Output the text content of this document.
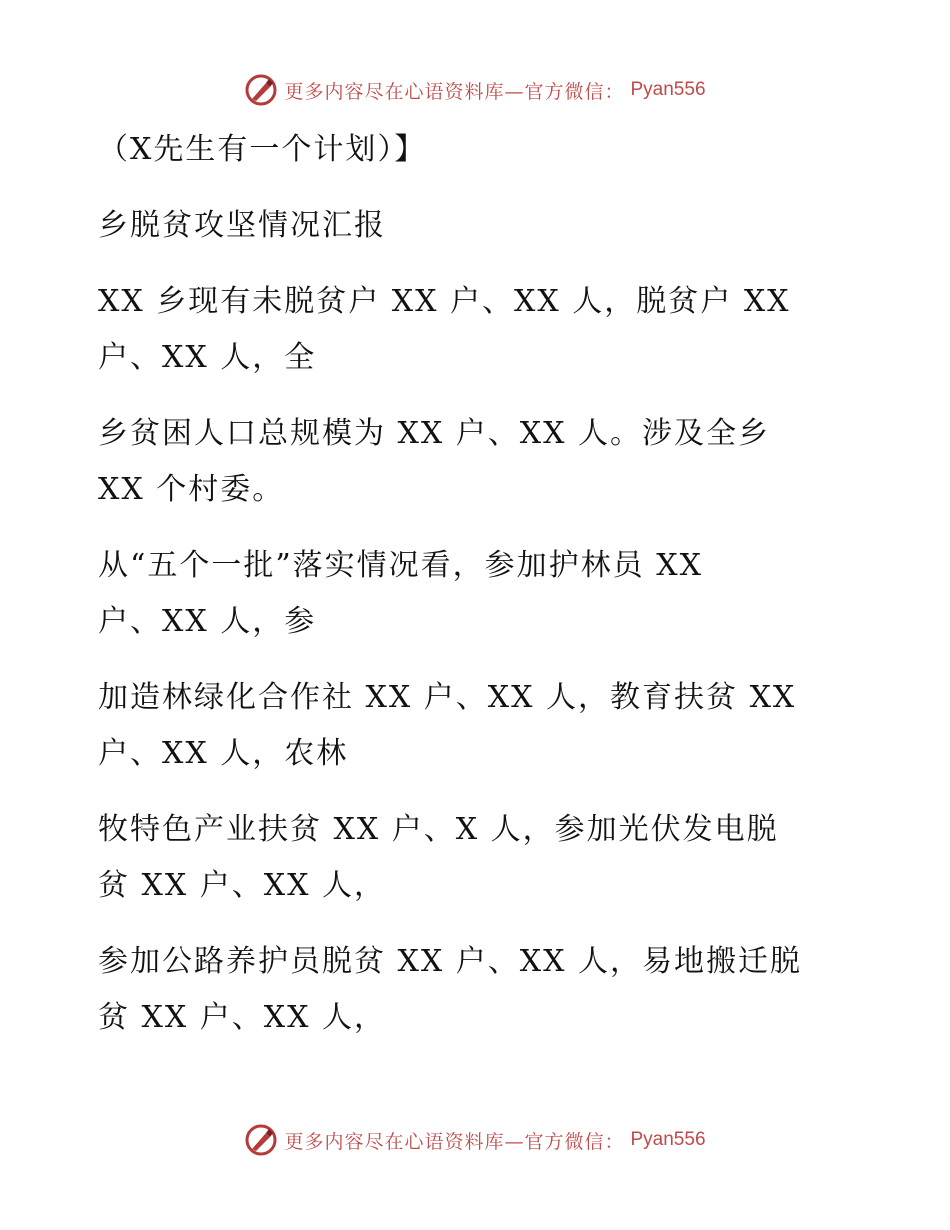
更多内容尽在心语资料库—官方微信： Pyan556

（X先生有一个计划）】

乡脱贫攻坚情况汇报

XX 乡现有未脱贫户 XX 户、XX 人，脱贫户 XX

户、XX 人，全

乡贫困人口总规模为 XX 户、XX 人。涉及全乡

XX 个村委。

从“五个一批”落实情况看，参加护林员 XX

户、XX 人，参

加造林绿化合作社 XX 户、XX 人，教育扶贫 XX

户、XX 人，农林

牧特色产业扶贫 XX 户、X 人，参加光伏发电脱

贫 XX 户、XX 人，

参加公路养护员脱贫 XX 户、XX 人，易地搬迁脱

贫 XX 户、XX 人，

更多内容尽在心语资料库—官方微信： Pyan556
